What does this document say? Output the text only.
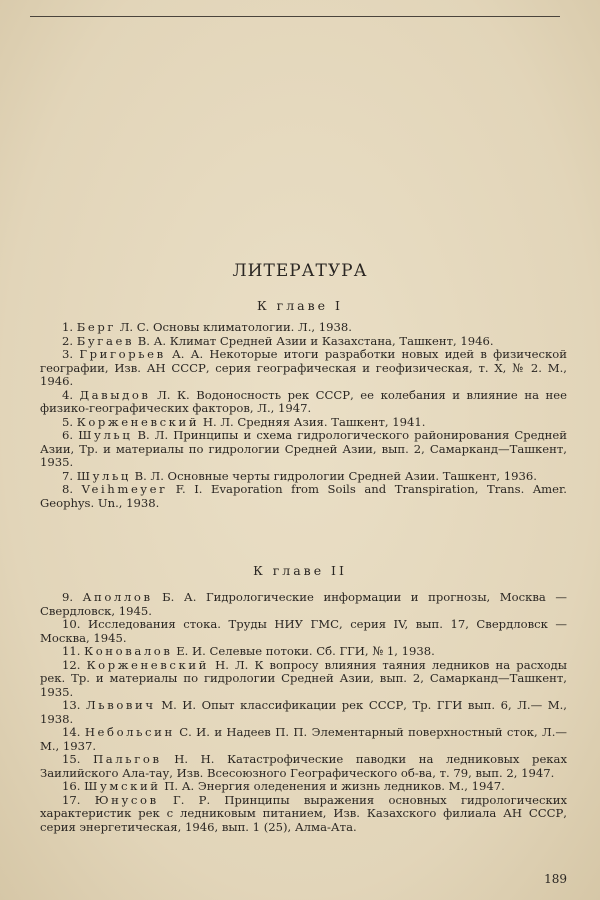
ЛИТЕРАТУРА
К главе I

1. Берг Л. С. Основы климатологии. Л., 1938.

2. Бугаев В. А. Климат Средней Азии и Казахстана, Ташкент, 1946.

3. Григорьев А. А. Некоторые итоги разработки новых идей в физической географии, Изв. АН СССР, серия географическая и геофизическая, т. X, № 2. М., 1946.

4. Давыдов Л. К. Водоносность рек СССР, ее колебания и влияние на нее физико-географических факторов, Л., 1947.

5. Корженевский Н. Л. Средняя Азия. Ташкент, 1941.

6. Шульц В. Л. Принципы и схема гидрологического районирования Средней Азии, Тр. и материалы по гидрологии Средней Азии, вып. 2, Самарканд—Ташкент, 1935.

7. Шульц В. Л. Основные черты гидрологии Средней Азии. Ташкент, 1936.

8. Veihmeyer F. I. Evaporation from Soils and Transpiration, Trans. Amer. Geophys. Un., 1938.

К главе II

9. Аполлов Б. А. Гидрологические информации и прогнозы, Москва — Свердловск, 1945.

10. Исследования стока. Труды НИУ ГМС, серия IV, вып. 17, Свердловск — Москва, 1945.

11. Коновалов Е. И. Селевые потоки. Сб. ГГИ, № 1, 1938.

12. Корженевский Н. Л. К вопросу влияния таяния ледников на расходы рек. Тр. и материалы по гидрологии Средней Азии, вып. 2, Самарканд—Ташкент, 1935.

13. Львович М. И. Опыт классификации рек СССР, Тр. ГГИ вып. 6, Л.— М., 1938.

14. Небольсин С. И. и Надеев П. П. Элементарный поверхностный сток, Л.— М., 1937.

15. Пальгов Н. Н. Катастрофические паводки на ледниковых реках Заилийского Ала-тау, Изв. Всесоюзного Географического об-ва, т. 79, вып. 2, 1947.

16. Шумский П. А. Энергия оледенения и жизнь ледников. М., 1947.

17. Юнусов Г. Р. Принципы выражения основных гидрологических характеристик рек с ледниковым питанием, Изв. Казахского филиала АН СССР, серия энергетическая, 1946, вып. 1 (25), Алма-Ата.

189
